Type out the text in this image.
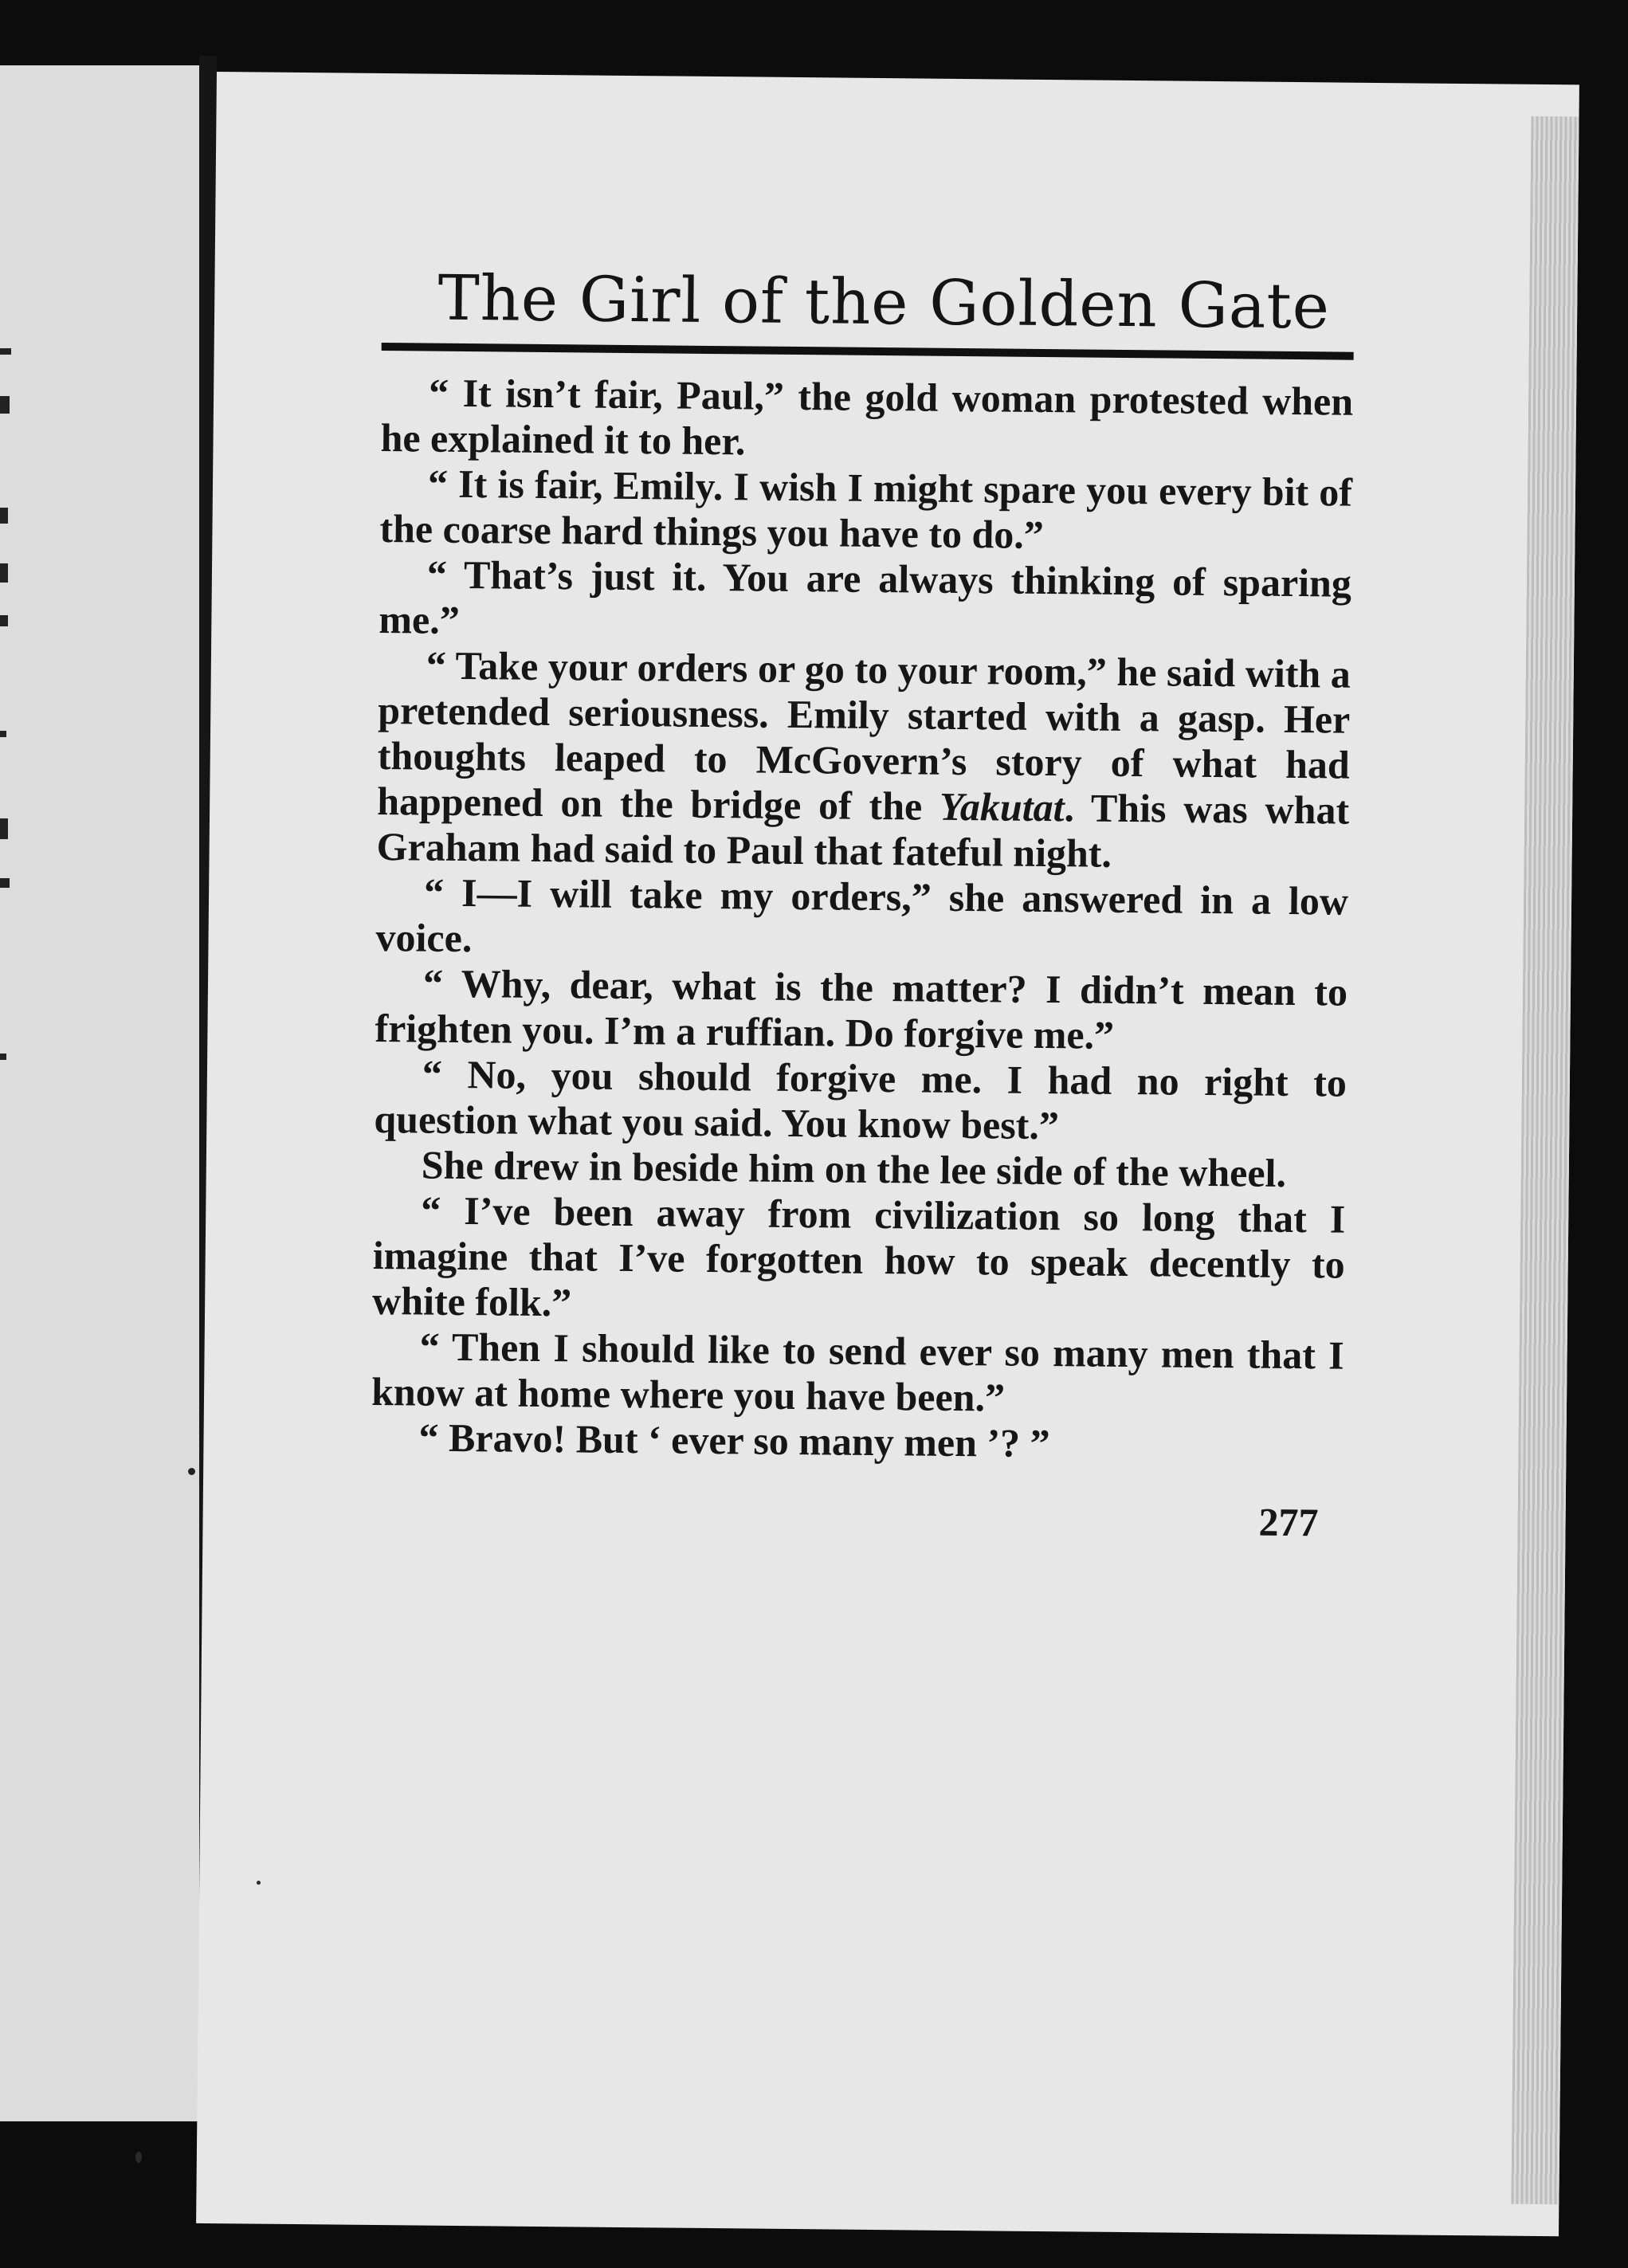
The Girl of the Golden Gate

“ It isn’t fair, Paul,” the gold woman protested when he explained it to her.

“ It is fair, Emily. I wish I might spare you every bit of the coarse hard things you have to do.”

“ That’s just it. You are always thinking of sparing me.”

“ Take your orders or go to your room,” he said with a pretended seriousness. Emily started with a gasp. Her thoughts leaped to McGovern’s story of what had happened on the bridge of the Yakutat. This was what Graham had said to Paul that fateful night.

“ I—I will take my orders,” she answered in a low voice.

“ Why, dear, what is the matter? I didn’t mean to frighten you. I’m a ruffian. Do forgive me.”

“ No, you should forgive me. I had no right to question what you said. You know best.”

She drew in beside him on the lee side of the wheel.

“ I’ve been away from civilization so long that I imagine that I’ve forgotten how to speak decently to white folk.”

“ Then I should like to send ever so many men that I know at home where you have been.”

“ Bravo! But ‘ ever so many men ’? ”

277
